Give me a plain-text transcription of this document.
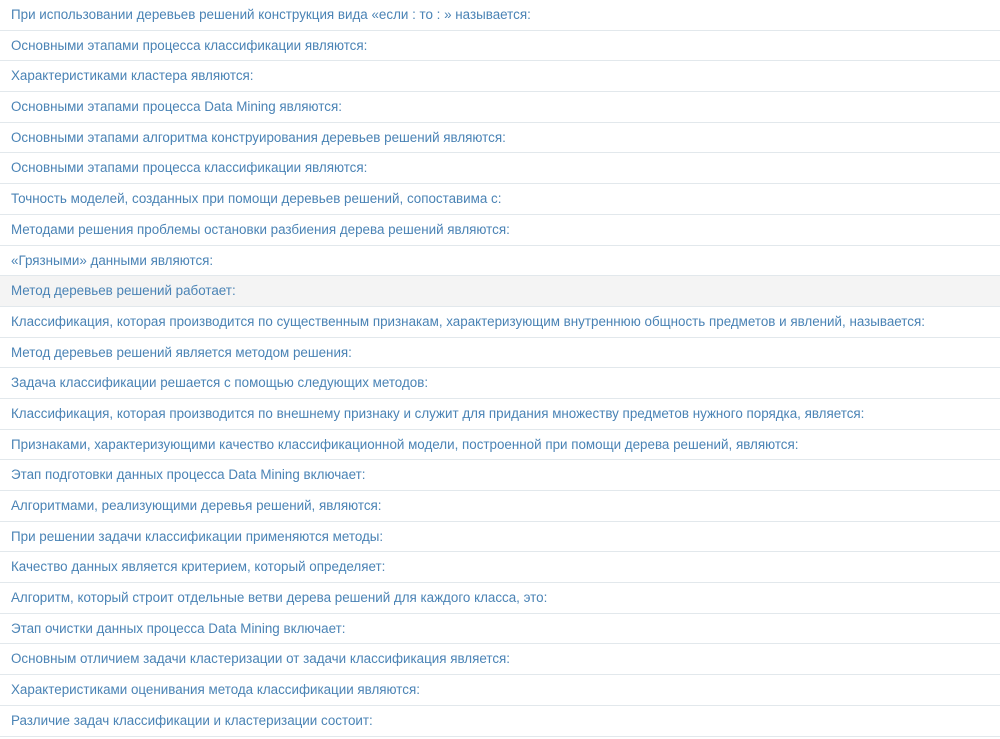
При использовании деревьев решений конструкция вида «если : то : » называется:
Основными этапами процесса классификации являются:
Характеристиками кластера являются:
Основными этапами процесса Data Mining являются:
Основными этапами алгоритма конструирования деревьев решений являются:
Основными этапами процесса классификации являются:
Точность моделей, созданных при помощи деревьев решений, сопоставима с:
Методами решения проблемы остановки разбиения дерева решений являются:
«Грязными» данными являются:
Метод деревьев решений работает:
Классификация, которая производится по существенным признакам, характеризующим внутреннюю общность предметов и явлений, называется:
Метод деревьев решений является методом решения:
Задача классификации решается с помощью следующих методов:
Классификация, которая производится по внешнему признаку и служит для придания множеству предметов нужного порядка, является:
Признаками, характеризующими качество классификационной модели, построенной при помощи дерева решений, являются:
Этап подготовки данных процесса Data Mining включает:
Алгоритмами, реализующими деревья решений, являются:
При решении задачи классификации применяются методы:
Качество данных является критерием, который определяет:
Алгоритм, который строит отдельные ветви дерева решений для каждого класса, это:
Этап очистки данных процесса Data Mining включает:
Основным отличием задачи кластеризации от задачи классификация является:
Характеристиками оценивания метода классификации являются:
Различие задач классификации и кластеризации состоит:
